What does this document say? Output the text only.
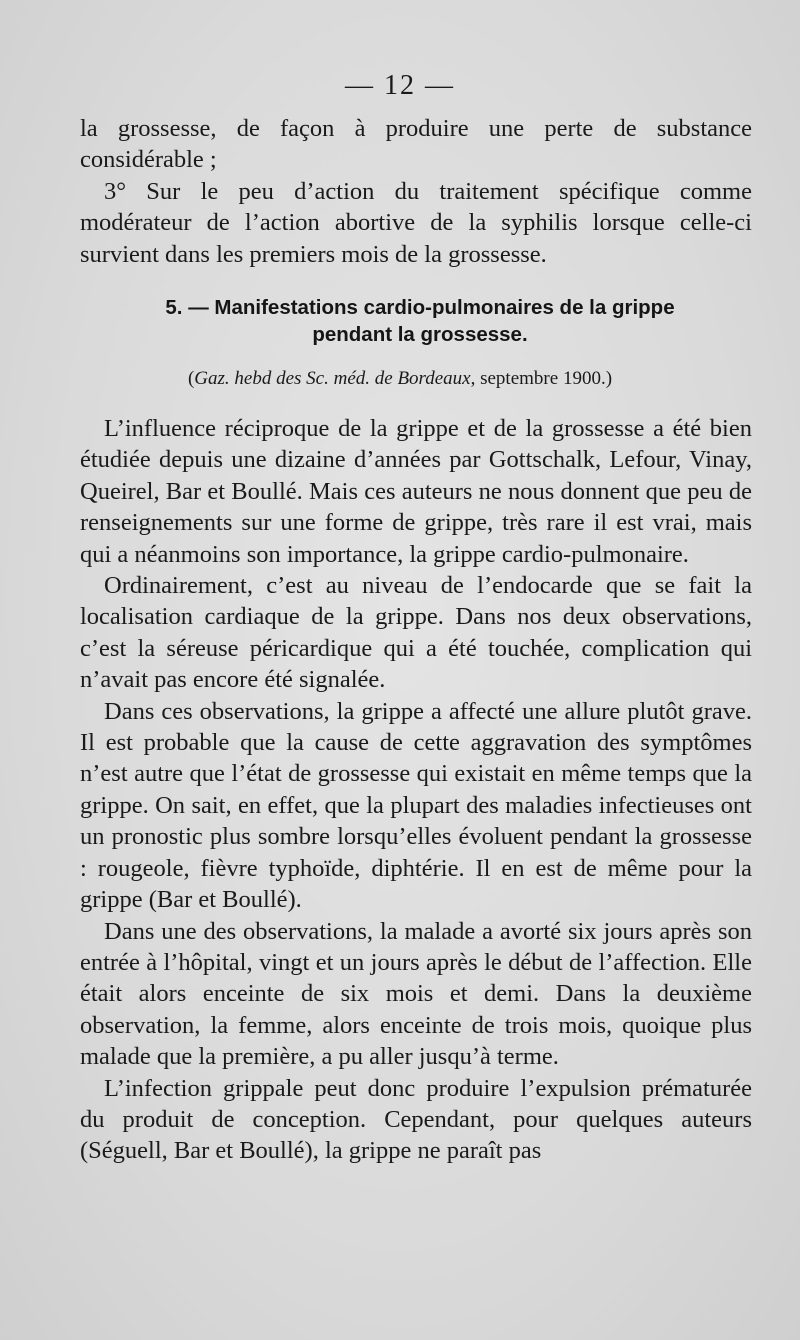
— 12 —

la grossesse, de façon à produire une perte de substance considérable ;

3° Sur le peu d’action du traitement spécifique comme modérateur de l’action abortive de la syphilis lorsque celle-ci survient dans les premiers mois de la grossesse.

5. — Manifestations cardio-pulmonaires de la grippe
pendant la grossesse.
(Gaz. hebd des Sc. méd. de Bordeaux, septembre 1900.)

L’influence réciproque de la grippe et de la grossesse a été bien étudiée depuis une dizaine d’années par Gottschalk, Lefour, Vinay, Queirel, Bar et Boullé. Mais ces auteurs ne nous donnent que peu de renseignements sur une forme de grippe, très rare il est vrai, mais qui a néanmoins son importance, la grippe cardio-pulmonaire.

Ordinairement, c’est au niveau de l’endocarde que se fait la localisation cardiaque de la grippe. Dans nos deux observations, c’est la séreuse péricardique qui a été touchée, complication qui n’avait pas encore été signalée.

Dans ces observations, la grippe a affecté une allure plutôt grave. Il est probable que la cause de cette aggravation des symptômes n’est autre que l’état de grossesse qui existait en même temps que la grippe. On sait, en effet, que la plupart des maladies infectieuses ont un pronostic plus sombre lorsqu’elles évoluent pendant la grossesse : rougeole, fièvre typhoïde, diphtérie. Il en est de même pour la grippe (Bar et Boullé).

Dans une des observations, la malade a avorté six jours après son entrée à l’hôpital, vingt et un jours après le début de l’affection. Elle était alors enceinte de six mois et demi. Dans la deuxième observation, la femme, alors enceinte de trois mois, quoique plus malade que la première, a pu aller jusqu’à terme.

L’infection grippale peut donc produire l’expulsion prématurée du produit de conception. Cependant, pour quelques auteurs (Séguell, Bar et Boullé), la grippe ne paraît pas
